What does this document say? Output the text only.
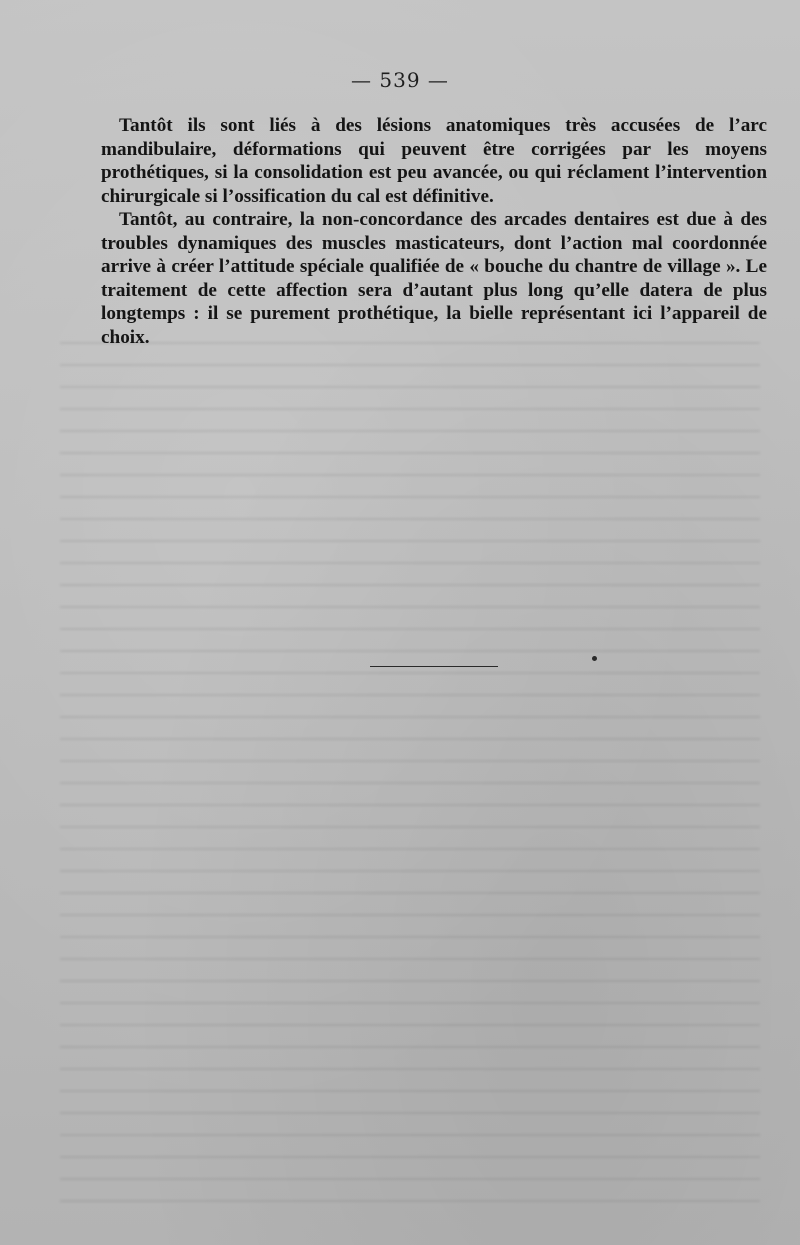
— 539 —

Tantôt ils sont liés à des lésions anatomiques très accusées de l’arc mandibulaire, déformations qui peuvent être corrigées par les moyens prothétiques, si la consolidation est peu avancée, ou qui réclament l’intervention chirurgicale si l’ossification du cal est définitive.

Tantôt, au contraire, la non-concordance des arcades dentaires est due à des troubles dynamiques des muscles masticateurs, dont l’action mal coordonnée arrive à créer l’attitude spéciale qualifiée de « bouche du chantre de village ». Le traitement de cette affection sera d’autant plus long qu’elle datera de plus longtemps : il se purement prothétique, la bielle représentant ici l’appareil de choix.
